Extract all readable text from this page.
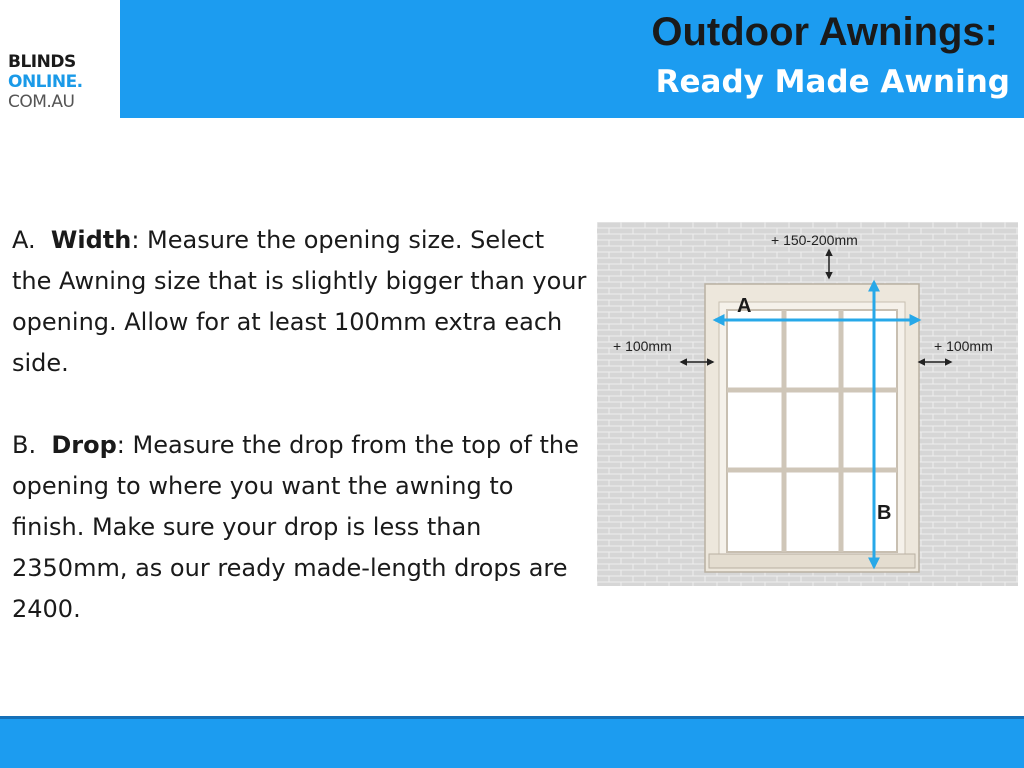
BLINDS
ONLINE.
COM.AU
Outdoor Awnings:
Ready Made Awning
A. Width: Measure the opening size. Select the Awning size that is slightly bigger than your opening. Allow for at least 100mm extra each side.
B. Drop: Measure the drop from the top of the opening to where you want the awning to finish. Make sure your drop is less than 2350mm, as our ready made-length drops are 2400.
+ 150-200mm
+ 100mm	+ 100mm
A
B
